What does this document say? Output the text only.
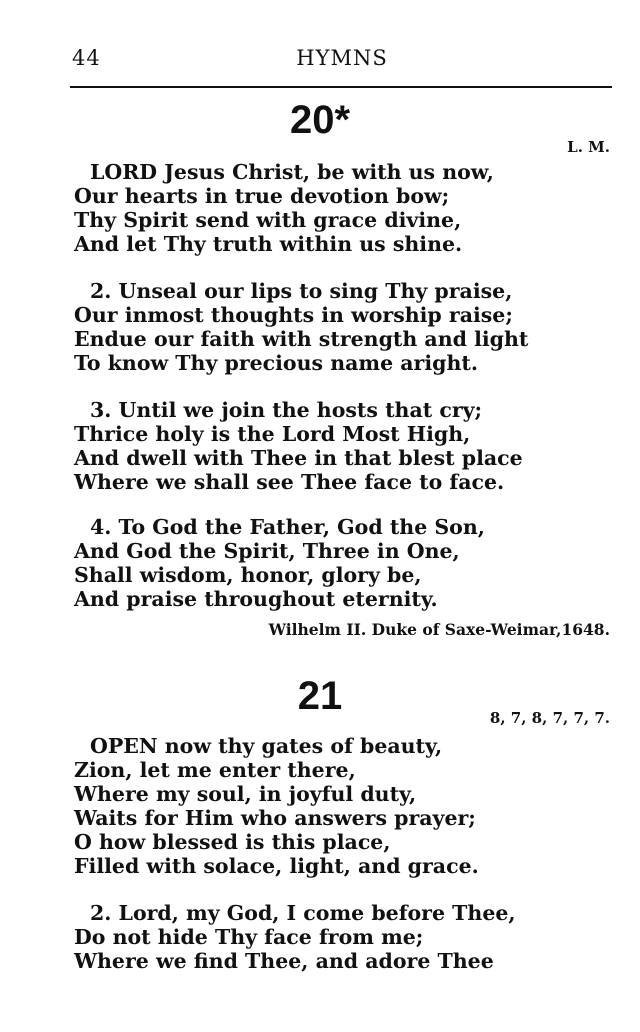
44	HYMNS
20*
L. M.
LORD Jesus Christ, be with us now,
Our hearts in true devotion bow;
Thy Spirit send with grace divine,
And let Thy truth within us shine.
2. Unseal our lips to sing Thy praise,
Our inmost thoughts in worship raise;
Endue our faith with strength and light
To know Thy precious name aright.
3. Until we join the hosts that cry;
Thrice holy is the Lord Most High,
And dwell with Thee in that blest place
Where we shall see Thee face to face.
4. To God the Father, God the Son,
And God the Spirit, Three in One,
Shall wisdom, honor, glory be,
And praise throughout eternity.
Wilhelm II. Duke of Saxe-Weimar,1648.
21	8, 7, 8, 7, 7, 7.
OPEN now thy gates of beauty,
Zion, let me enter there,
Where my soul, in joyful duty,
Waits for Him who answers prayer;
O how blessed is this place,
Filled with solace, light, and grace.
2. Lord, my God, I come before Thee,
Do not hide Thy face from me;
Where we find Thee, and adore Thee
